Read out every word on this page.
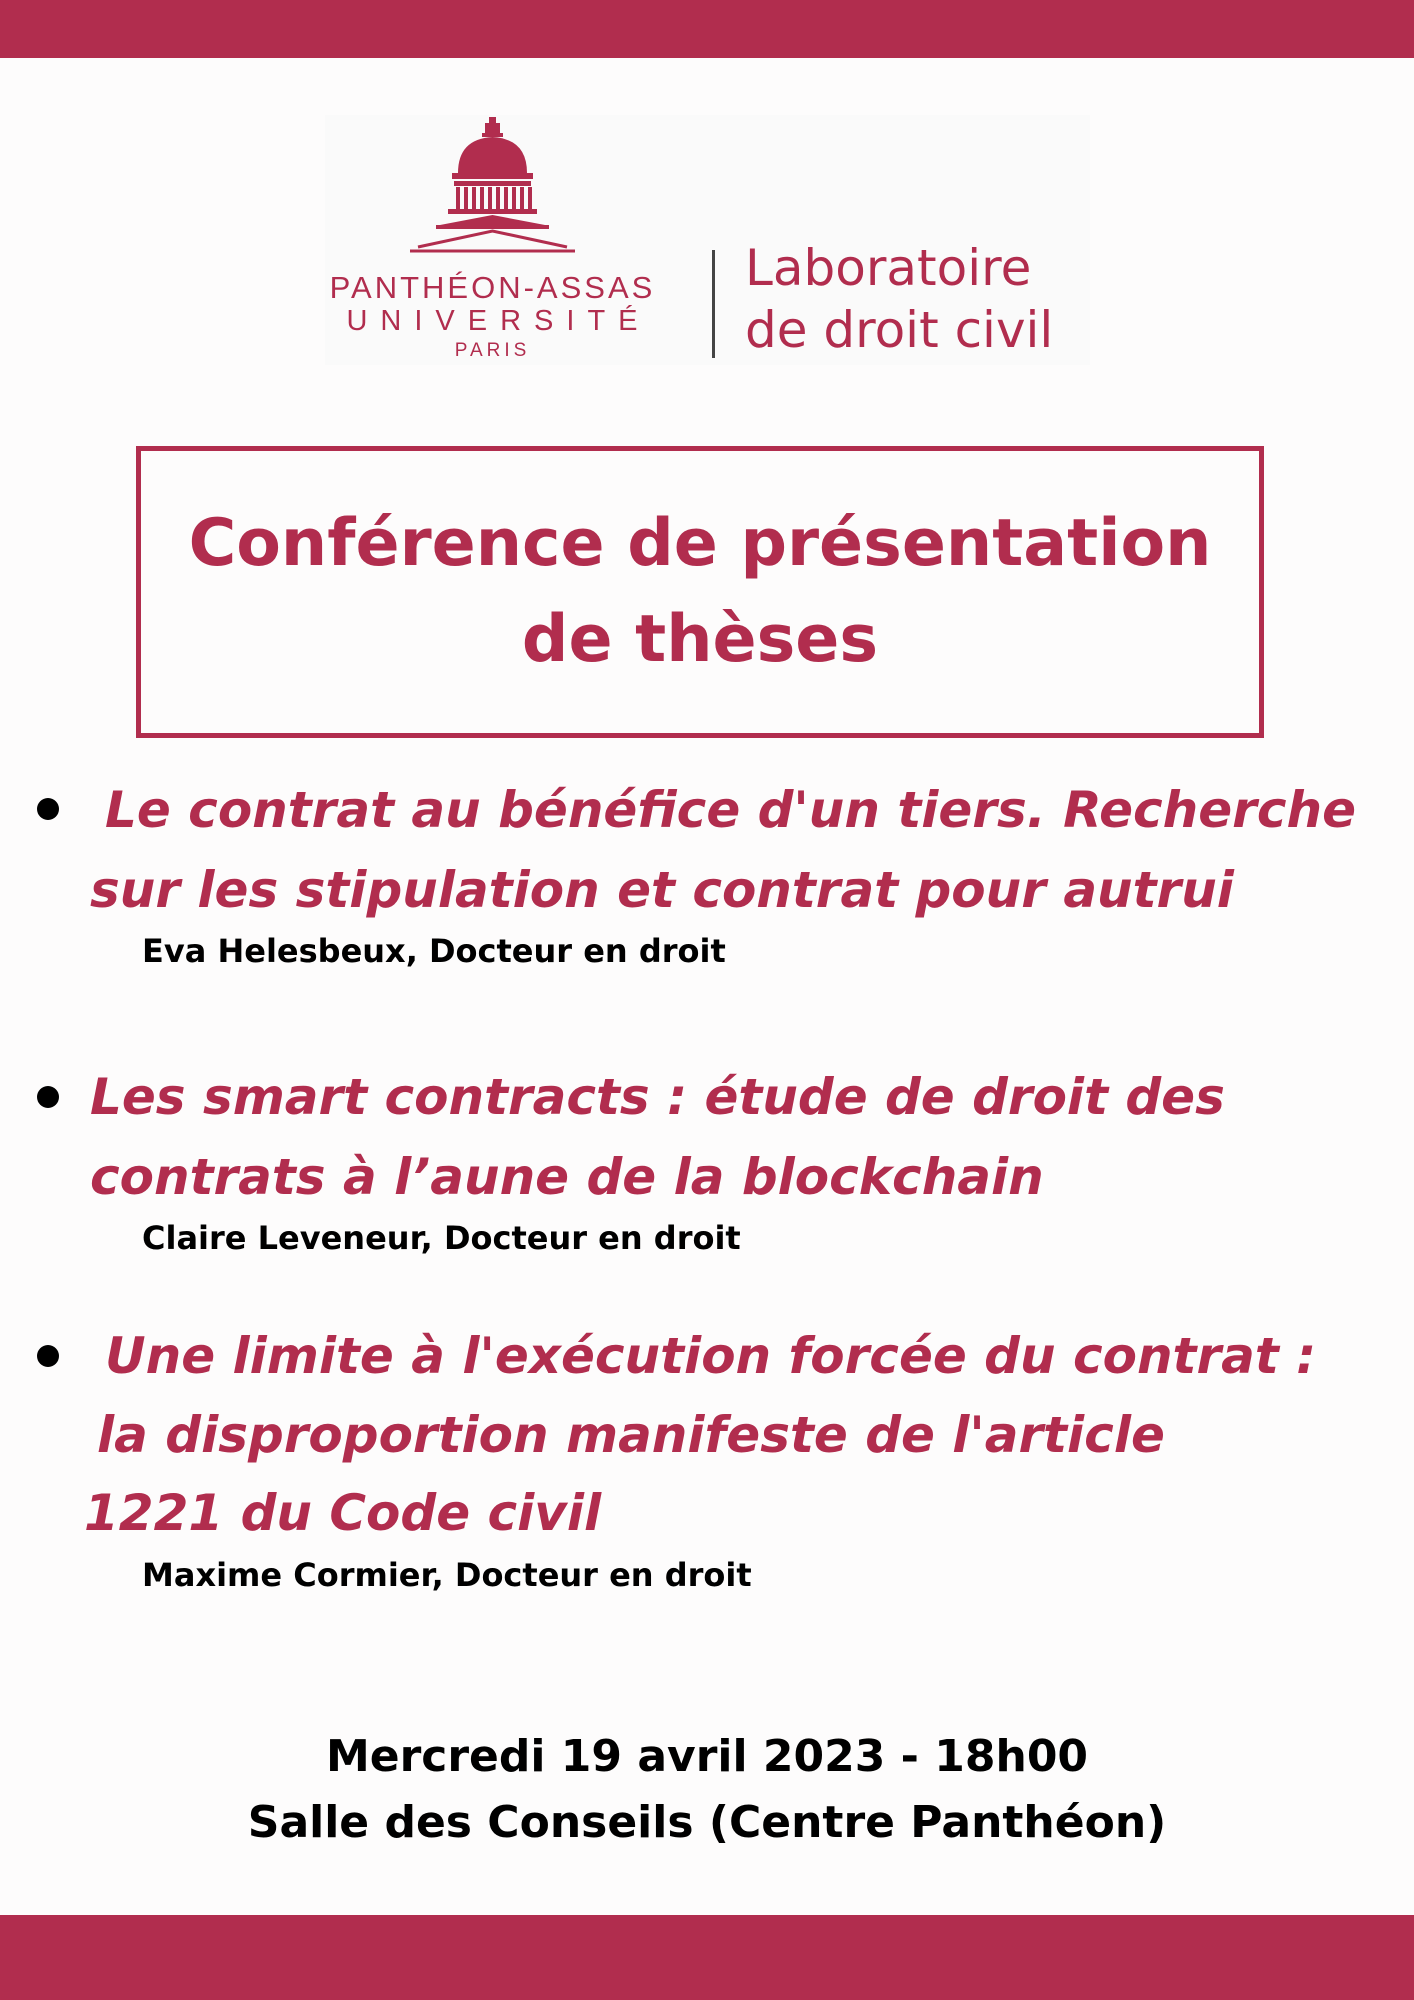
PANTHÉON-ASSAS
UNIVERSITÉ
PARIS
Laboratoire
de droit civil
Conférence de présentation
de thèses
Le contrat au bénéfice d'un tiers. Recherche
sur les stipulation et contrat pour autrui
Eva Helesbeux, Docteur en droit
Les smart contracts : étude de droit des
contrats à l’aune de la blockchain
Claire Leveneur, Docteur en droit
Une limite à l'exécution forcée du contrat :
la disproportion manifeste de l'article
1221 du Code civil
Maxime Cormier, Docteur en droit
Mercredi 19 avril 2023 - 18h00
Salle des Conseils (Centre Panthéon)
